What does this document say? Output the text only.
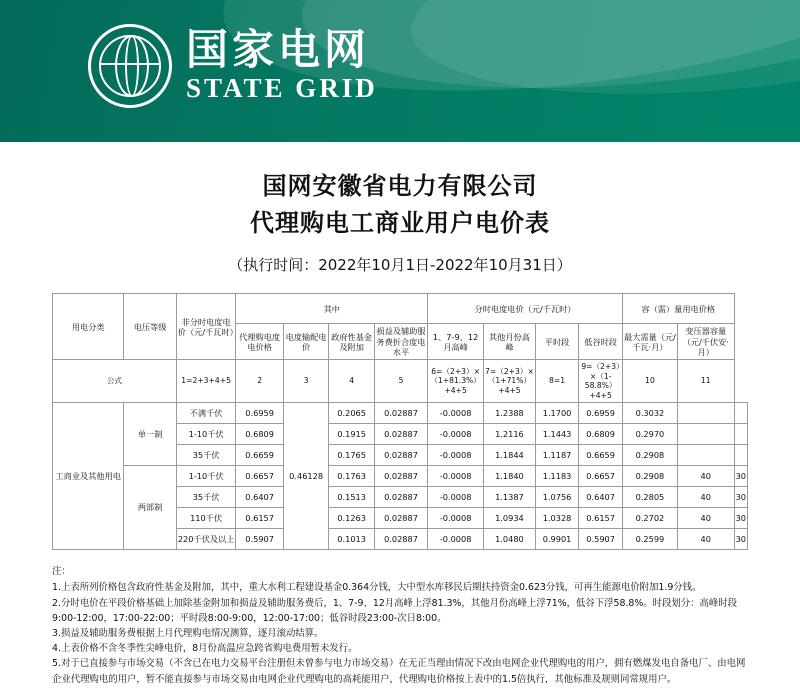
国家电网
STATE GRID
国网安徽省电力有限公司
代理购电工商业用户电价表
（执行时间：2022年10月1日-2022年10月31日）
用电分类	电压等级	非分时电度电价（元/千瓦时）	其中				分时电度电价（元/千瓦时）				容（需）量用电价格		
			代理购电度电价格	电度输配电价	政府性基金及附加	损益及辅助服务费折合度电水平	1、7-9、12月高峰	其他月份高峰	平时段	低谷时段	最大需量（元/千瓦·月）	变压器容量（元/千伏安·月）	
公式		1=2+3+4+5	2	3	4	5	6=（2+3）×（1+81.3%）+4+5	7=（2+3）×（1+71%）+4+5	8=1	9=（2+3）×（1-58.8%）+4+5	10	11	
工商业及其他用电	单一制	不满千伏	0.6959	0.46128	0.2065	0.02887	-0.0008	1.2388	1.1700	0.6959	0.3032		
		1-10千伏	0.6809		0.1915	0.02887	-0.0008	1.2116	1.1443	0.6809	0.2970		
		35千伏	0.6659		0.1765	0.02887	-0.0008	1.1844	1.1187	0.6659	0.2908		
	两部制	1-10千伏	0.6657		0.1763	0.02887	-0.0008	1.1840	1.1183	0.6657	0.2908	40	30
		35千伏	0.6407		0.1513	0.02887	-0.0008	1.1387	1.0756	0.6407	0.2805	40	30
		110千伏	0.6157		0.1263	0.02887	-0.0008	1.0934	1.0328	0.6157	0.2702	40	30
		220千伏及以上	0.5907		0.1013	0.02887	-0.0008	1.0480	0.9901	0.5907	0.2599	40	30

注：

1.上表所列价格包含政府性基金及附加，其中，重大水利工程建设基金0.364分钱，大中型水库移民后期扶持资金0.623分钱，可再生能源电价附加1.9分钱。

2.分时电价在平段价格基础上加除基金附加和损益及辅助服务费后，1、7-9、12月高峰上浮81.3%，其他月份高峰上浮71%，低谷下浮58.8%。时段划分：高峰时段9:00-12:00，17:00-22:00；平时段8:00-9:00，12:00-17:00；低谷时段23:00-次日8:00。

3.损益及辅助服务费根据上月代理购电情况测算，逐月滚动结算。

4.上表价格不含冬季性尖峰电价，8月份高温应急跨省购电费用暂未发行。

5.对于已直接参与市场交易（不含已在电力交易平台注册但未曾参与电力市场交易）在无正当理由情况下改由电网企业代理购电的用户，拥有燃煤发电自备电厂、由电网企业代理购电的用户，暂不能直接参与市场交易由电网企业代理购电的高耗能用户，代理购电价格按上表中的1.5倍执行，其他标准及规则同常规用户。
